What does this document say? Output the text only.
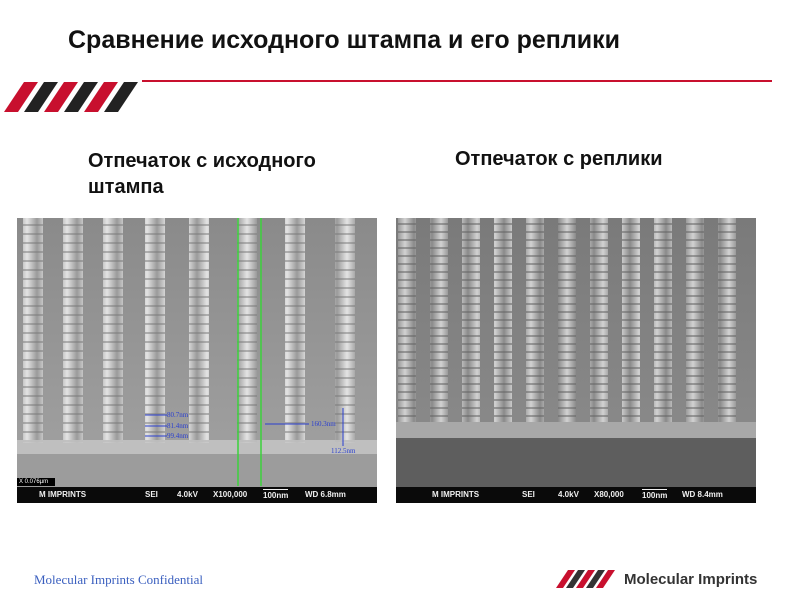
Сравнение исходного штампа и его реплики
Отпечаток с исходного штампа
Отпечаток с реплики
80.7nm
81.4nm
99.4nm
160.3nm
112.5nm
X 0.076µm
M IMPRINTS	SEI 4.0kV X100,000 100nm WD 6.8mm	M IMPRINTS	SEI	4.0kV X80,000 100nm WD 8.4mm
Molecular Imprints Confidential	Molecular Imprints
